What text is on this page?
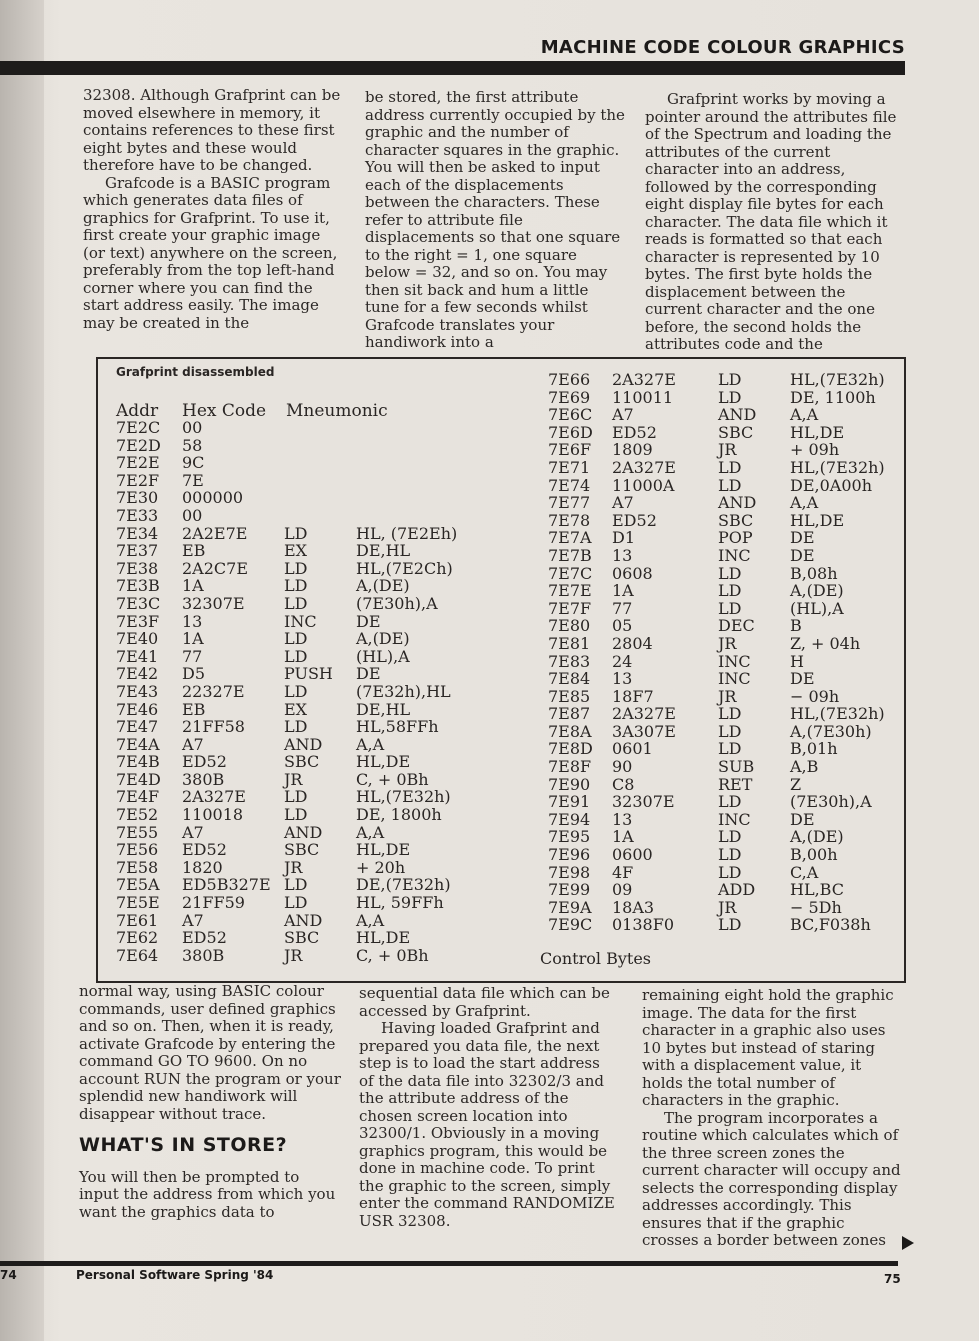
MACHINE CODE COLOUR GRAPHICS

32308. Although Grafprint can be moved elsewhere in memory, it contains references to these first eight bytes and these would therefore have to be changed.

Grafcode is a BASIC program which generates data files of graphics for Grafprint. To use it, first create your graphic image (or text) anywhere on the screen, preferably from the top left-hand corner where you can find the start address easily. The image may be created in the

be stored, the first attribute address currently occupied by the graphic and the number of character squares in the graphic. You will then be asked to input each of the displacements between the characters. These refer to attribute file displacements so that one square to the right = 1, one square below = 32, and so on. You may then sit back and hum a little tune for a few seconds whilst Grafcode translates your handiwork into a

Grafprint works by moving a pointer around the attributes file of the Spectrum and loading the attributes of the current character into an address, followed by the corresponding eight display file bytes for each character. The data file which it reads is formatted so that each character is represented by 10 bytes. The first byte holds the displacement between the current character and the one before, the second holds the attributes code and the

Grafprint disassembled
Addr Hex Code Mneumonic
7E2C 00
7E2D 58
7E2E 9C
7E2F 7E
7E30 000000
7E33 00
7E34 2A2E7E LD	HL, (7E2Eh)
7E37 EB	EX	DE,HL
7E38 2A2C7E LD	HL,(7E2Ch)
7E3B 1A	LD	A,(DE)
7E3C 32307E LD	(7E30h),A
7E3F 13	INC DE
7E40 1A	LD	A,(DE)
7E41 77	LD	(HL),A
7E42 D5	PUSH DE
7E43 22327E LD	(7E32h),HL
7E46 EB	EX	DE,HL
7E47 21FF58 LD	HL,58FFh
7E4A A7	AND A,A
7E4B ED52	SBC HL,DE
7E4D 380B	JR	C, + 0Bh
7E4F 2A327E LD	HL,(7E32h)
7E52 110018	LD	DE, 1800h
7E55 A7	AND A,A
7E56 ED52	SBC HL,DE
7E58 1820	JR	+ 20h
7E5A ED5B327E LD	DE,(7E32h)
7E5E 21FF59 LD	HL, 59FFh
7E61 A7	AND A,A
7E62 ED52	SBC HL,DE
7E64 380B	JR	C, + 0Bh
7E66 2A327E	LD	HL,(7E32h)
7E69 110011	LD	DE, 1100h
7E6C A7	AND A,A
7E6D ED52	SBC HL,DE
7E6F 1809	JR	+ 09h
7E71 2A327E	LD	HL,(7E32h)
7E74 11000A	LD	DE,0A00h
7E77 A7	AND A,A
7E78 ED52	SBC HL,DE
7E7A D1	POP DE
7E7B 13	INC DE
7E7C 0608	LD	B,08h
7E7E 1A	LD	A,(DE)
7E7F 77	LD	(HL),A
7E80 05	DEC B
7E81 2804	JR	Z, + 04h
7E83 24	INC H
7E84 13	INC DE
7E85 18F7	JR	− 09h
7E87 2A327E	LD	HL,(7E32h)
7E8A 3A307E	LD	A,(7E30h)
7E8D 0601	LD	B,01h
7E8F 90	SUB A,B
7E90 C8	RET Z
7E91 32307E	LD	(7E30h),A
7E94 13	INC DE
7E95 1A	LD	A,(DE)
7E96 0600	LD	B,00h
7E98 4F	LD	C,A
7E99 09	ADD HL,BC
7E9A 18A3	JR	− 5Dh
7E9C 0138F0	LD	BC,F038h
Control Bytes

normal way, using BASIC colour commands, user defined graphics and so on. Then, when it is ready, activate Grafcode by entering the command GO TO 9600. On no account RUN the program or your splendid new handiwork will disappear without trace.

WHAT'S IN STORE?

You will then be prompted to input the address from which you want the graphics data to

sequential data file which can be accessed by Grafprint.

Having loaded Grafprint and prepared you data file, the next step is to load the start address of the data file into 32302/3 and the attribute address of the chosen screen location into 32300/1. Obviously in a moving graphics program, this would be done in machine code. To print the graphic to the screen, simply enter the command RANDOMIZE USR 32308.

remaining eight hold the graphic image. The data for the first character in a graphic also uses 10 bytes but instead of staring with a displacement value, it holds the total number of characters in the graphic.

The program incorporates a routine which calculates which of the three screen zones the current character will occupy and selects the corresponding display addresses accordingly. This ensures that if the graphic crosses a border between zones

74	Personal Software Spring '84	75
